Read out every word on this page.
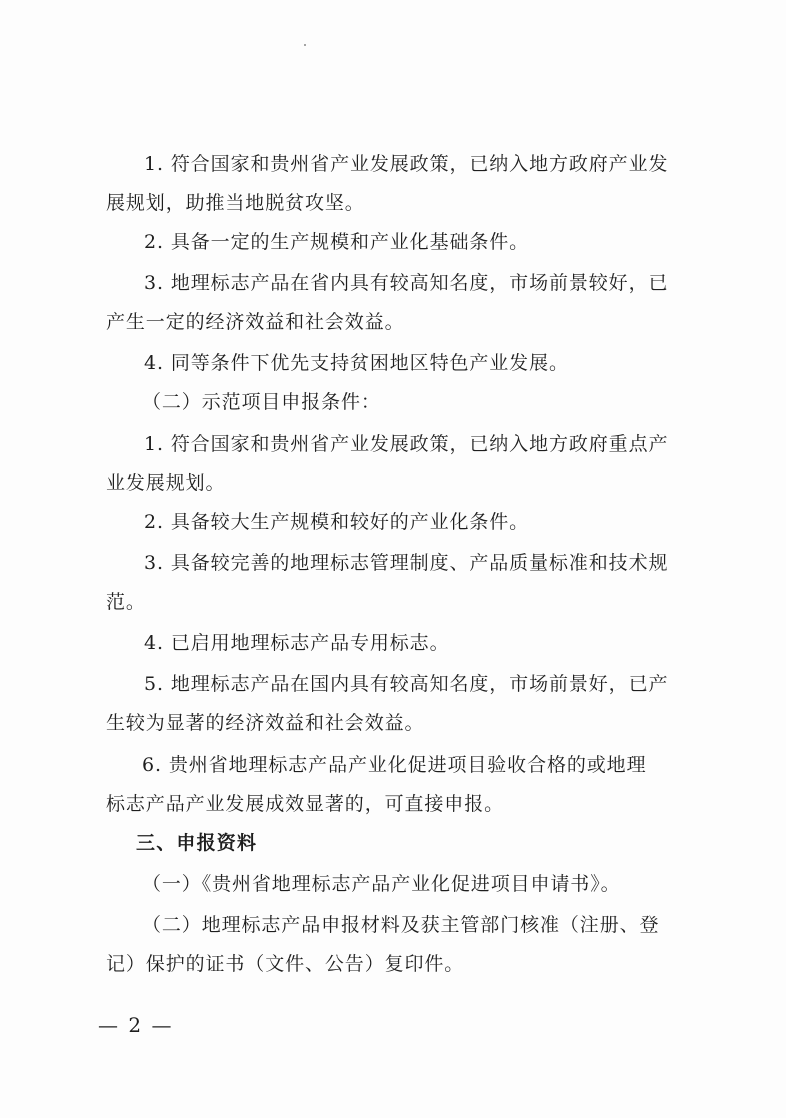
1. 符合国家和贵州省产业发展政策，已纳入地方政府产业发
展规划，助推当地脱贫攻坚。
2. 具备一定的生产规模和产业化基础条件。
3. 地理标志产品在省内具有较高知名度，市场前景较好，已
产生一定的经济效益和社会效益。
4. 同等条件下优先支持贫困地区特色产业发展。
（二）示范项目申报条件：
1. 符合国家和贵州省产业发展政策，已纳入地方政府重点产
业发展规划。
2. 具备较大生产规模和较好的产业化条件。
3. 具备较完善的地理标志管理制度、产品质量标准和技术规
范。
4. 已启用地理标志产品专用标志。
5. 地理标志产品在国内具有较高知名度，市场前景好，已产
生较为显著的经济效益和社会效益。
6. 贵州省地理标志产品产业化促进项目验收合格的或地理
标志产品产业发展成效显著的，可直接申报。
三、申报资料
（一）《贵州省地理标志产品产业化促进项目申请书》。
（二）地理标志产品申报材料及获主管部门核准（注册、登
记）保护的证书（文件、公告）复印件。
— 2 —
